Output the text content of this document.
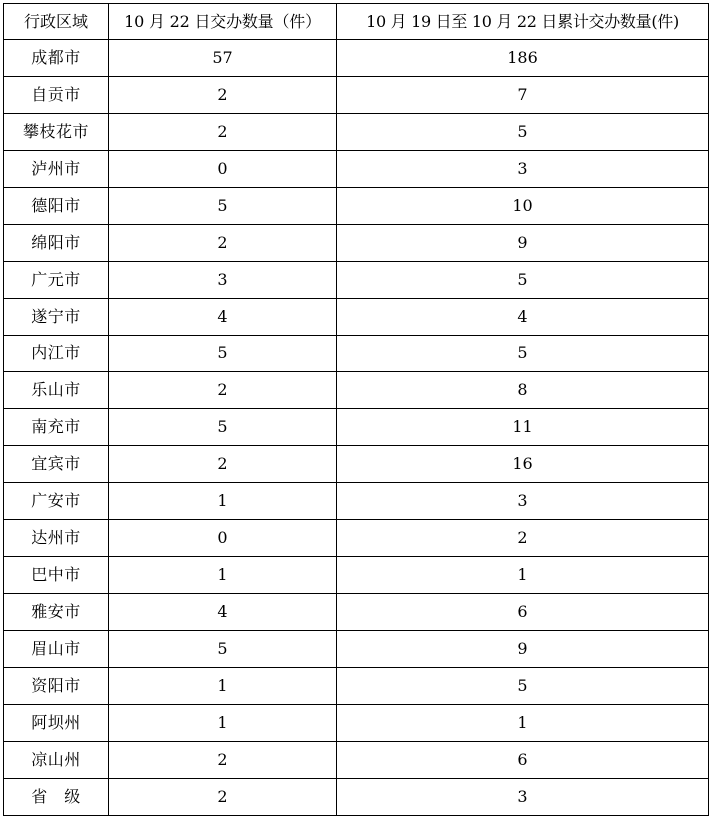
行政区域	10 月 22 日交办数量（件）	10 月 19 日至 10 月 22 日累计交办数量(件)
成都市	57	186
自贡市	2	7
攀枝花市	2	5
泸州市	0	3
德阳市	5	10
绵阳市	2	9
广元市	3	5
遂宁市	4	4
内江市	5	5
乐山市	2	8
南充市	5	11
宜宾市	2	16
广安市	1	3
达州市	0	2
巴中市	1	1
雅安市	4	6
眉山市	5	9
资阳市	1	5
阿坝州	1	1
凉山州	2	6
省　级	2	3
